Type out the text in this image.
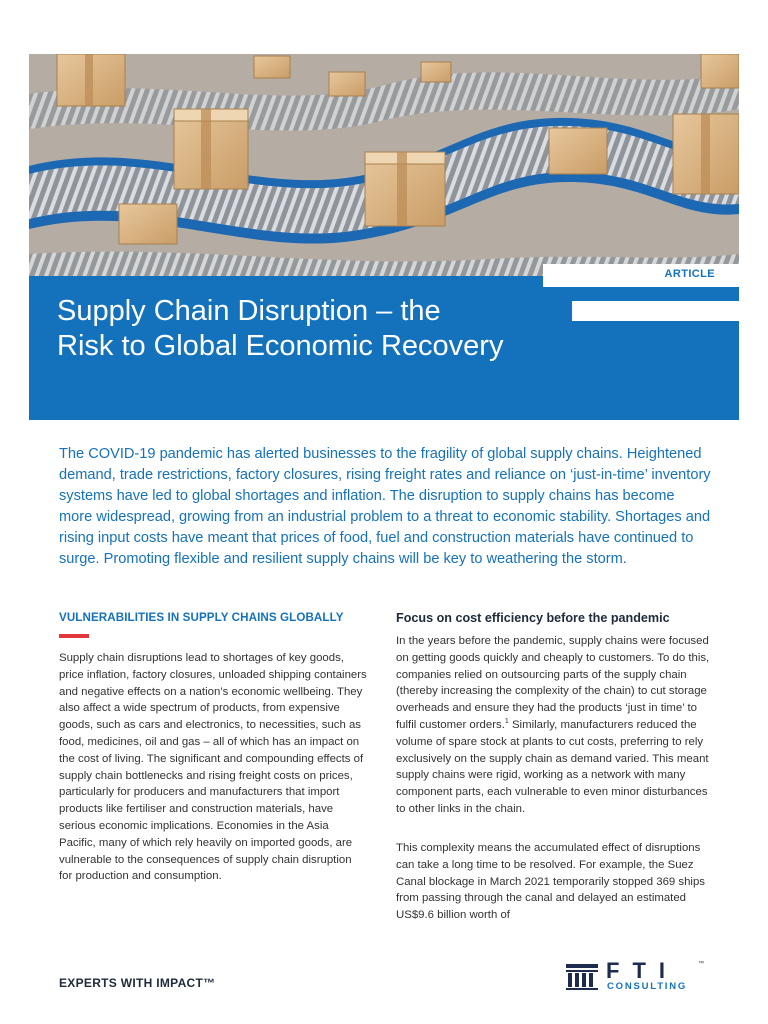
ARTICLE
Supply Chain Disruption – the
Risk to Global Economic Recovery

The COVID-19 pandemic has alerted businesses to the fragility of global supply chains. Heightened demand, trade restrictions, factory closures, rising freight rates and reliance on ‘just-in-time’ inventory systems have led to global shortages and inflation. The disruption to supply chains has become more widespread, growing from an industrial problem to a threat to economic stability. Shortages and rising input costs have meant that prices of food, fuel and construction materials have continued to surge. Promoting flexible and resilient supply chains will be key to weathering the storm.

VULNERABILITIES IN SUPPLY CHAINS GLOBALLY

Supply chain disruptions lead to shortages of key goods, price inflation, factory closures, unloaded shipping containers and negative effects on a nation’s economic wellbeing. They also affect a wide spectrum of products, from expensive goods, such as cars and electronics, to necessities, such as food, medicines, oil and gas – all of which has an impact on the cost of living. The significant and compounding effects of supply chain bottlenecks and rising freight costs on prices, particularly for producers and manufacturers that import products like fertiliser and construction materials, have serious economic implications. Economies in the Asia Pacific, many of which rely heavily on imported goods, are vulnerable to the consequences of supply chain disruption for production and consumption.

Focus on cost efficiency before the pandemic

In the years before the pandemic, supply chains were focused on getting goods quickly and cheaply to customers. To do this, companies relied on outsourcing parts of the supply chain (thereby increasing the complexity of the chain) to cut storage overheads and ensure they had the products ‘just in time’ to fulfil customer orders.$^1$ Similarly, manufacturers reduced the volume of spare stock at plants to cut costs, preferring to rely exclusively on the supply chain as demand varied. This meant supply chains were rigid, working as a network with many component parts, each vulnerable to even minor disturbances to other links in the chain.

This complexity means the accumulated effect of disruptions can take a long time to be resolved. For example, the Suez Canal blockage in March 2021 temporarily stopped 369 ships from passing through the canal and delayed an estimated US$9.6 billion worth of

EXPERTS WITH IMPACT™	FTI	™
CONSULTING
